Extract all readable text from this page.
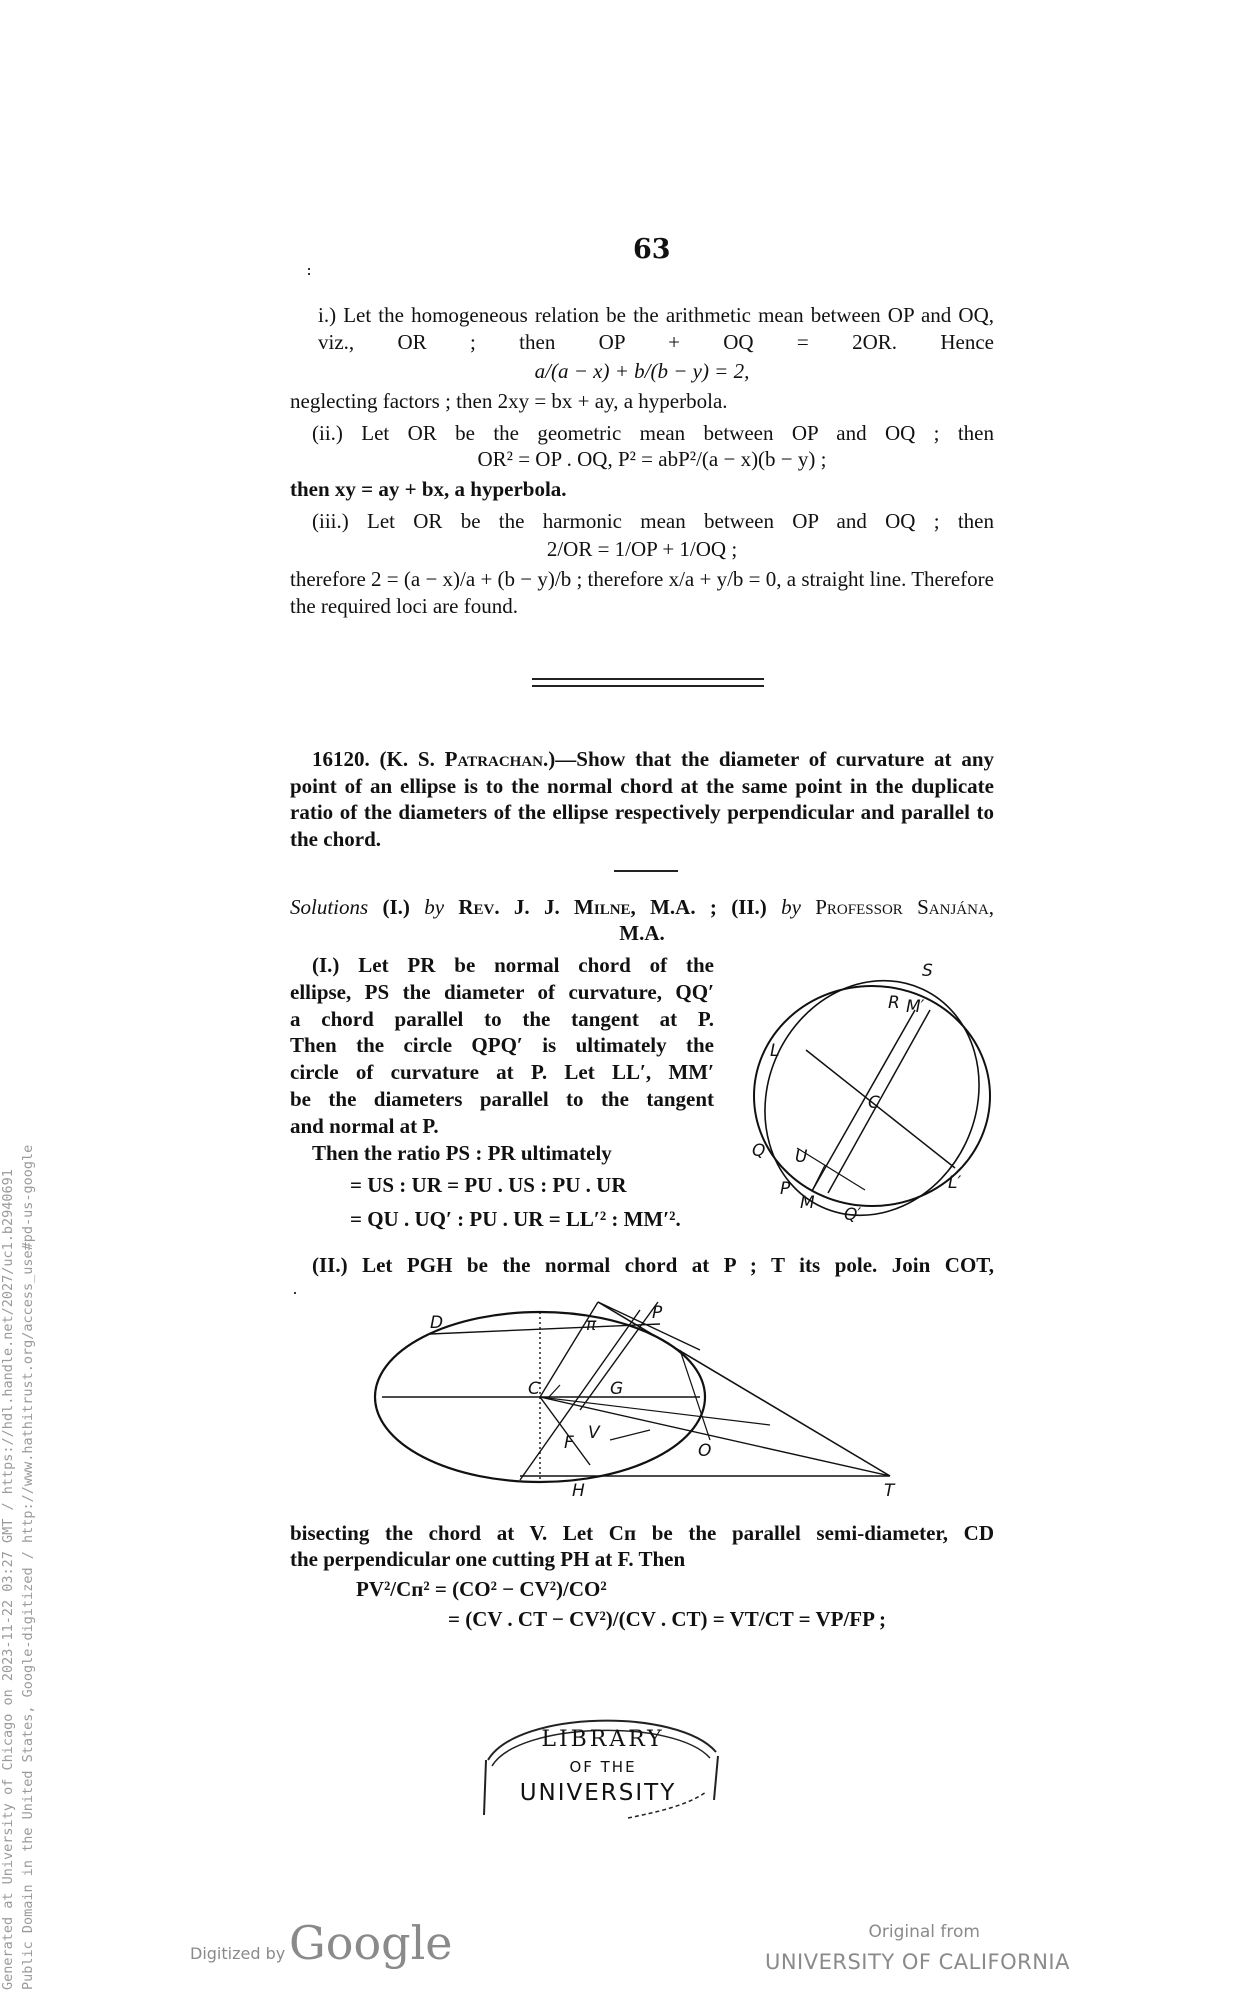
63
i.) Let the homogeneous relation be the arithmetic mean between OP and OQ, viz., OR ; then OP + OQ = 2OR. Hence
a/(a − x) + b/(b − y) = 2,
neglecting factors ; then 2xy = bx + ay, a hyperbola.
(ii.) Let OR be the geometric mean between OP and OQ ; then
OR² = OP . OQ, P² = abP²/(a − x)(b − y) ;
then xy = ay + bx, a hyperbola.
(iii.) Let OR be the harmonic mean between OP and OQ ; then
2/OR = 1/OP + 1/OQ ;
therefore 2 = (a − x)/a + (b − y)/b ; therefore x/a + y/b = 0, a straight line. Therefore the required loci are found.
16120. (K. S. Patrachan.)—Show that the diameter of curvature at any point of an ellipse is to the normal chord at the same point in the duplicate ratio of the diameters of the ellipse respectively perpendicular and parallel to the chord.
Solutions (I.) by Rev. J. J. Milne, M.A. ; (II.) by Professor Sanjána,
M.A.
(I.) Let PR be normal chord of the
ellipse, PS the diameter of curvature, QQ′
a chord parallel to the tangent at P.
Then the circle QPQ′ is ultimately the
circle of curvature at P. Let LL′, MM′
be the diameters parallel to the tangent
and normal at P.
Then the ratio PS : PR ultimately
= US : UR = PU . US : PU . UR
= QU . UQ′ : PU . UR = LL′² : MM′².
S
R M′
L
C
Q U
P
M
Q′
L′
(II.) Let PGH be the normal chord at P ; T its pole. Join COT,
D	P
π
C	G
V
F	O
H	T
bisecting the chord at V. Let Cп be the parallel semi-diameter, CD
the perpendicular one cutting PH at F. Then
PV²/Cп² = (CO² − CV²)/CO²
= (CV . CT − CV²)/(CV . CT) = VT/CT = VP/FP ;
LIBRARY
OF THE
UNIVERSITY
Generated at University of Chicago on 2023-11-22 03:27 GMT / https://hdl.handle.net/2027/uc1.b2940691 Public Domain in the United States, Google-digitized / http://www.hathitrust.org/access_use#pd-us-google	Digitized by Google	Original from
UNIVERSITY OF CALIFORNIA
